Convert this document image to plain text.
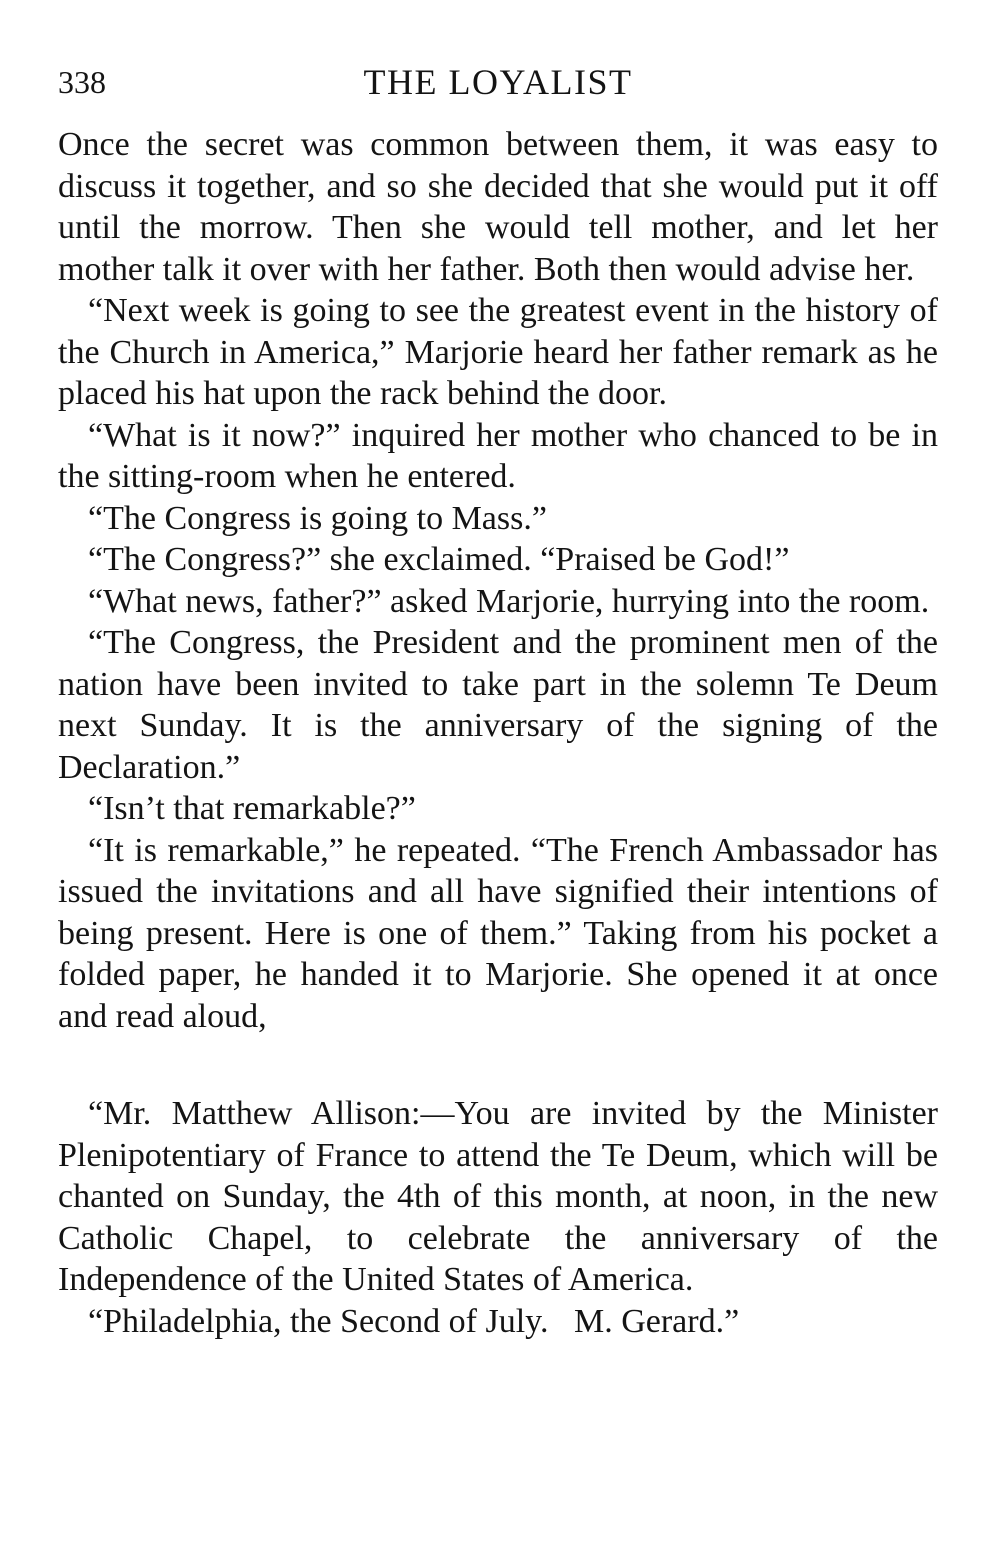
338	THE LOYALIST

Once the secret was common between them, it was easy to discuss it together, and so she decided that she would put it off until the morrow. Then she would tell mother, and let her mother talk it over with her father. Both then would advise her.

“Next week is going to see the greatest event in the history of the Church in America,” Marjorie heard her father remark as he placed his hat upon the rack behind the door.

“What is it now?” inquired her mother who chanced to be in the sitting-room when he entered.

“The Congress is going to Mass.”

“The Congress?” she exclaimed. “Praised be God!”

“What news, father?” asked Marjorie, hurrying into the room.

“The Congress, the President and the prominent men of the nation have been invited to take part in the solemn Te Deum next Sunday. It is the anniversary of the signing of the Declaration.”

“Isn’t that remarkable?”

“It is remarkable,” he repeated. “The French Ambassador has issued the invitations and all have signified their intentions of being present. Here is one of them.” Taking from his pocket a folded paper, he handed it to Marjorie. She opened it at once and read aloud,

“Mr. Matthew Allison:—You are invited by the Minister Plenipotentiary of France to attend the Te Deum, which will be chanted on Sunday, the 4th of this month, at noon, in the new Catholic Chapel, to celebrate the anniversary of the Independence of the United States of America.

“Philadelphia, the Second of July.   M. Gerard.”
